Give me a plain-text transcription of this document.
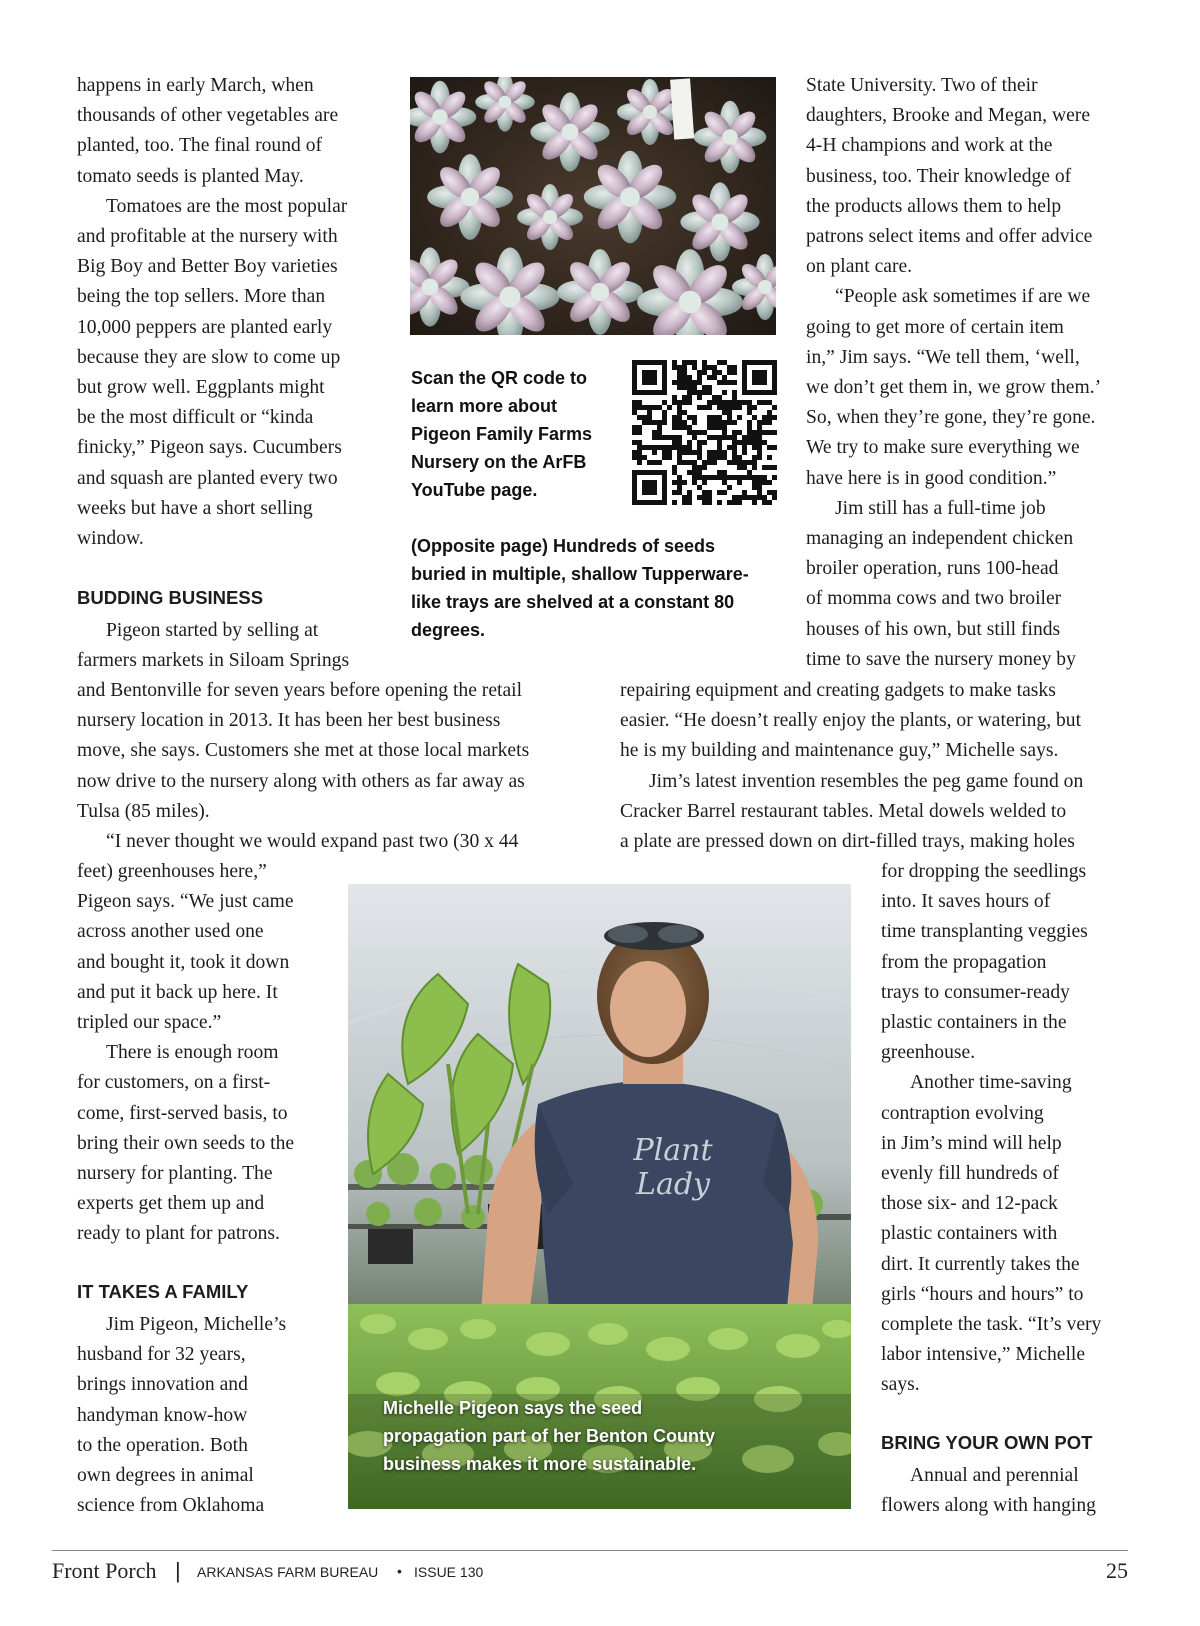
happens in early March, when
thousands of other vegetables are
planted, too. The final round of
tomato seeds is planted May.
Tomatoes are the most popular
and profitable at the nursery with
Big Boy and Better Boy varieties
being the top sellers. More than
10,000 peppers are planted early
because they are slow to come up
but grow well. Eggplants might
be the most difficult or “kinda
finicky,” Pigeon says. Cucumbers
and squash are planted every two
weeks but have a short selling
window.
BUDDING BUSINESS
Pigeon started by selling at
farmers markets in Siloam Springs
and Bentonville for seven years before opening the retail
nursery location in 2013. It has been her best business
move, she says. Customers she met at those local markets
now drive to the nursery along with others as far away as
Tulsa (85 miles).
“I never thought we would expand past two (30 x 44
feet) greenhouses here,”
Pigeon says. “We just came
across another used one
and bought it, took it down
and put it back up here. It
tripled our space.”
There is enough room
for customers, on a first-
come, first-served basis, to
bring their own seeds to the
nursery for planting. The
experts get them up and
ready to plant for patrons.
IT TAKES A FAMILY
Jim Pigeon, Michelle’s
husband for 32 years,
brings innovation and
handyman know-how
to the operation. Both
own degrees in animal
science from Oklahoma
Scan the QR code to
learn more about
Pigeon Family Farms
Nursery on the ArFB
YouTube page.
(Opposite page) Hundreds of seeds
buried in multiple, shallow Tupperware-
like trays are shelved at a constant 80
degrees.
State University. Two of their
daughters, Brooke and Megan, were
4-H champions and work at the
business, too. Their knowledge of
the products allows them to help
patrons select items and offer advice
on plant care.
“People ask sometimes if are we
going to get more of certain item
in,” Jim says. “We tell them, ‘well,
we don’t get them in, we grow them.’
So, when they’re gone, they’re gone.
We try to make sure everything we
have here is in good condition.”
Jim still has a full-time job
managing an independent chicken
broiler operation, runs 100-head
of momma cows and two broiler
houses of his own, but still finds
time to save the nursery money by
repairing equipment and creating gadgets to make tasks
easier. “He doesn’t really enjoy the plants, or watering, but
he is my building and maintenance guy,” Michelle says.
Jim’s latest invention resembles the peg game found on
Cracker Barrel restaurant tables. Metal dowels welded to
a plate are pressed down on dirt-filled trays, making holes
for dropping the seedlings
into. It saves hours of
time transplanting veggies
from the propagation
trays to consumer-ready
plastic containers in the
greenhouse.
Another time-saving
contraption evolving
in Jim’s mind will help
evenly fill hundreds of
those six- and 12-pack
plastic containers with
dirt. It currently takes the
girls “hours and hours” to
complete the task. “It’s very
labor intensive,” Michelle
says.
BRING YOUR OWN POT
Annual and perennial
flowers along with hanging
Plant
Lady
Michelle Pigeon says the seed
propagation part of her Benton County
business makes it more sustainable.
Front Porch | ARKANSAS FARM BUREAU • ISSUE 130	25
